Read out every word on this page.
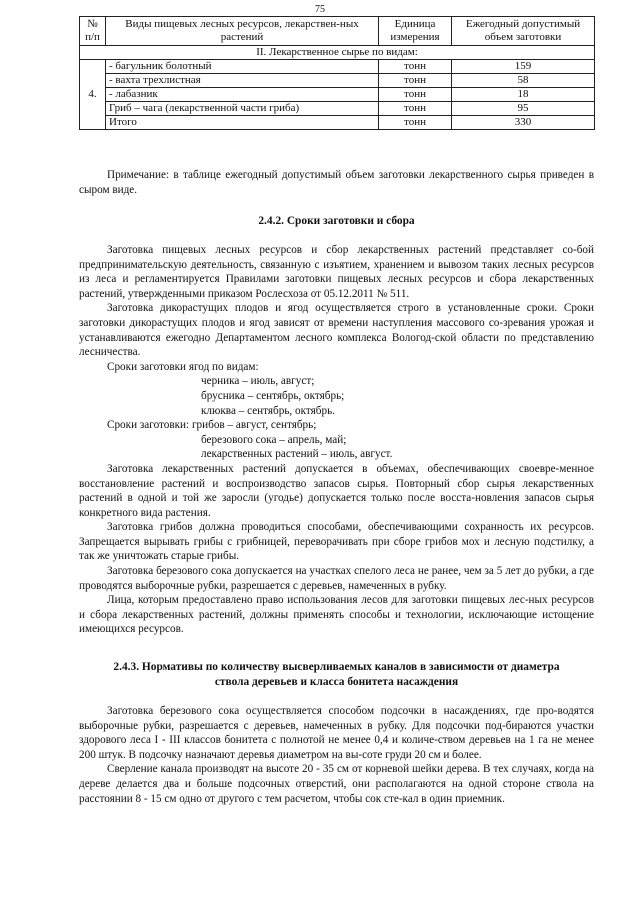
75
№ п/п	Виды пищевых лесных ресурсов, лекарствен-ных растений	Единица измерения	Ежегодный допустимый объем заготовки
II. Лекарственное сырье по видам:			
4.	- багульник болотный	тонн	159
	- вахта трехлистная	тонн	58
	- лабазник	тонн	18
	Гриб – чага (лекарственной части гриба)	тонн	95
	Итого	тонн	330

Примечание: в таблице ежегодный допустимый объем заготовки лекарственного сырья приведен в сыром виде.

2.4.2. Сроки заготовки и сбора

Заготовка пищевых лесных ресурсов и сбор лекарственных растений представляет со-бой предпринимательскую деятельность, связанную с изъятием, хранением и вывозом таких лесных ресурсов из леса и регламентируется Правилами заготовки пищевых лесных ресурсов и сбора лекарственных растений, утвержденными приказом Рослесхоза от 05.12.2011 № 511.

Заготовка дикорастущих плодов и ягод осуществляется строго в установленные сроки. Сроки заготовки дикорастущих плодов и ягод зависят от времени наступления массового со-зревания урожая и устанавливаются ежегодно Департаментом лесного комплекса Вологод-ской области по представлению лесничества.

Сроки заготовки ягод по видам:

черника – июль, август;

брусника – сентябрь, октябрь;

клюква – сентябрь, октябрь.

Сроки заготовки: грибов – август, сентябрь;

березового сока – апрель, май;

лекарственных растений – июль, август.

Заготовка лекарственных растений допускается в объемах, обеспечивающих своевре-менное восстановление растений и воспроизводство запасов сырья. Повторный сбор сырья лекарственных растений в одной и той же заросли (угодье) допускается только после восста-новления запасов сырья конкретного вида растения.

Заготовка грибов должна проводиться способами, обеспечивающими сохранность их ресурсов. Запрещается вырывать грибы с грибницей, переворачивать при сборе грибов мох и лесную подстилку, а так же уничтожать старые грибы.

Заготовка березового сока допускается на участках спелого леса не ранее, чем за 5 лет до рубки, а где проводятся выборочные рубки, разрешается с деревьев, намеченных в рубку.

Лица, которым предоставлено право использования лесов для заготовки пищевых лес-ных ресурсов и сбора лекарственных растений, должны применять способы и технологии, исключающие истощение имеющихся ресурсов.

2.4.3. Нормативы по количеству высверливаемых каналов в зависимости от диаметра
ствола деревьев и класса бонитета насаждения

Заготовка березового сока осуществляется способом подсочки в насаждениях, где про-водятся выборочные рубки, разрешается с деревьев, намеченных в рубку. Для подсочки под-бираются участки здорового леса I - III классов бонитета с полнотой не менее 0,4 и количе-ством деревьев на 1 га не менее 200 штук. В подсочку назначают деревья диаметром на вы-соте груди 20 см и более.

Сверление канала производят на высоте 20 - 35 см от корневой шейки дерева. В тех случаях, когда на дереве делается два и больше подсочных отверстий, они располагаются на одной стороне ствола на расстоянии 8 - 15 см одно от другого с тем расчетом, чтобы сок сте-кал в один приемник.
